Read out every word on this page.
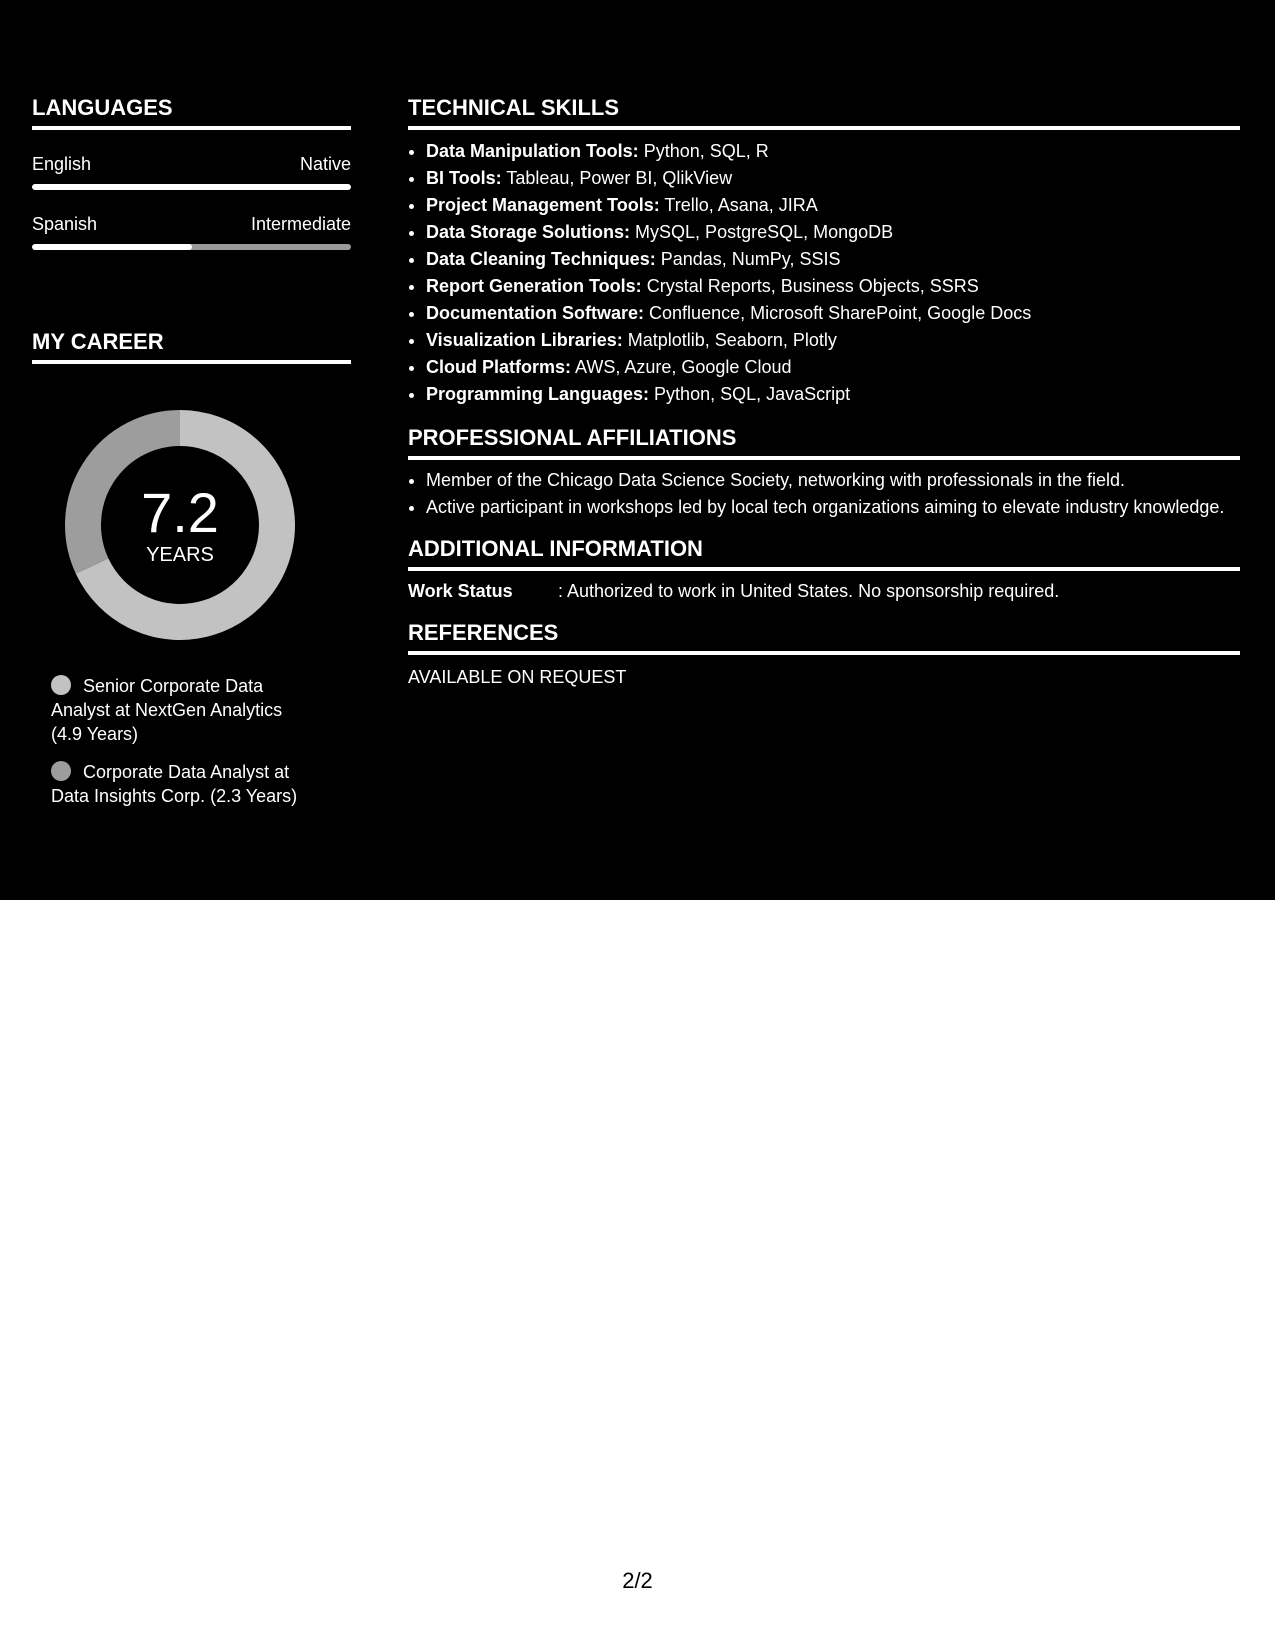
LANGUAGES
English	Native
Spanish	Intermediate
MY CAREER
7.2
YEARS
Senior Corporate Data Analyst at NextGen Analytics (4.9 Years)
Corporate Data Analyst at Data Insights Corp. (2.3 Years)
TECHNICAL SKILLS
• Data Manipulation Tools: Python, SQL, R
• BI Tools: Tableau, Power BI, QlikView
• Project Management Tools: Trello, Asana, JIRA
• Data Storage Solutions: MySQL, PostgreSQL, MongoDB
• Data Cleaning Techniques: Pandas, NumPy, SSIS
• Report Generation Tools: Crystal Reports, Business Objects, SSRS
• Documentation Software: Confluence, Microsoft SharePoint, Google Docs
• Visualization Libraries: Matplotlib, Seaborn, Plotly
• Cloud Platforms: AWS, Azure, Google Cloud
• Programming Languages: Python, SQL, JavaScript
PROFESSIONAL AFFILIATIONS
• Member of the Chicago Data Science Society, networking with professionals in the field.
• Active participant in workshops led by local tech organizations aiming to elevate industry knowledge.
ADDITIONAL INFORMATION
Work Status	: Authorized to work in United States. No sponsorship required.
REFERENCES
AVAILABLE ON REQUEST
2/2
